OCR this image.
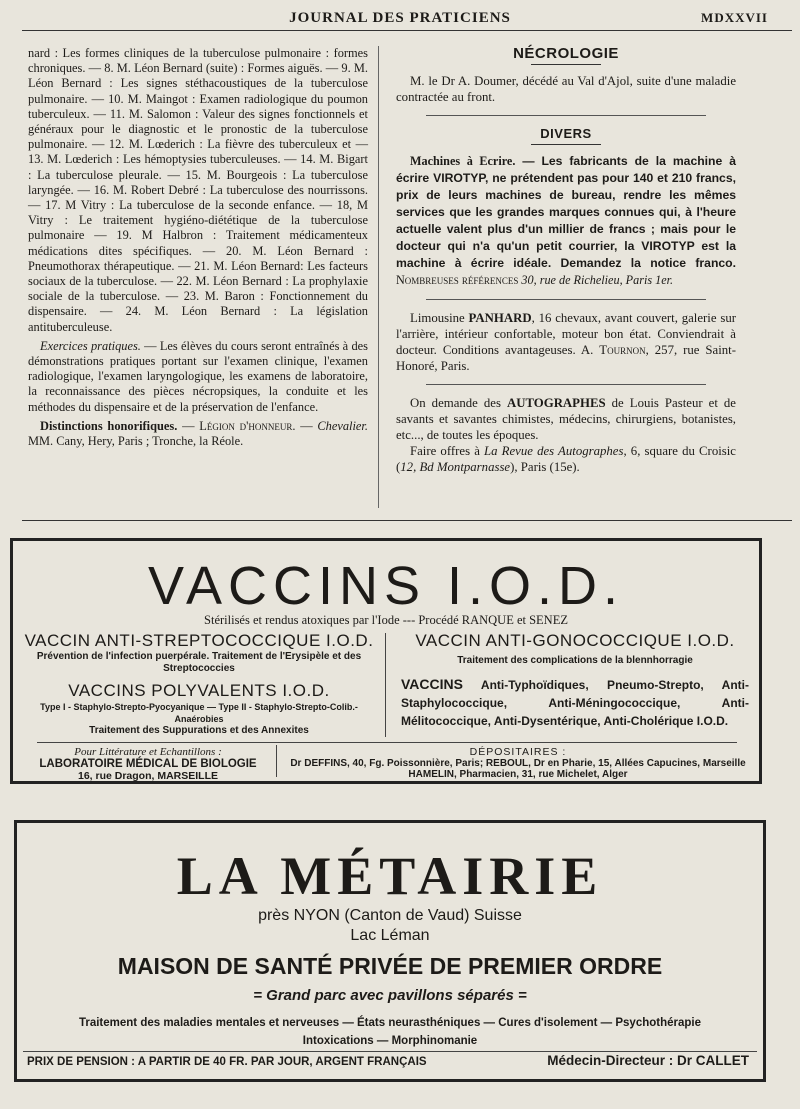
JOURNAL DES PRATICIENS	MDXXVII

nard : Les formes cliniques de la tuberculose pulmonaire : formes chroniques. — 8. M. Léon Bernard (suite) : Formes aiguës. — 9. M. Léon Bernard : Les signes stéthacoustiques de la tuberculose pulmonaire. — 10. M. Maingot : Examen radiologique du poumon tuberculeux. — 11. M. Salomon : Valeur des signes fonctionnels et généraux pour le diagnostic et le pronostic de la tuberculose pulmonaire. — 12. M. Lœderich : La fièvre des tuberculeux et — 13. M. Lœderich : Les hémoptysies tuberculeuses. — 14. M. Bigart : La tuberculose pleurale. — 15. M. Bourgeois : La tuberculose laryngée. — 16. M. Robert Debré : La tuberculose des nourrissons. — 17. M Vitry : La tuberculose de la seconde enfance. — 18, M Vitry : Le traitement hygiéno-diététique de la tuberculose pulmonaire — 19. M Halbron : Traitement médicamenteux médications dites spécifiques. — 20. M. Léon Bernard : Pneumothorax thérapeutique. — 21. M. Léon Bernard: Les facteurs sociaux de la tuberculose. — 22. M. Léon Bernard : La prophylaxie sociale de la tuberculose. — 23. M. Baron : Fonctionnement du dispensaire. — 24. M. Léon Bernard : La législation antituberculeuse.

Exercices pratiques. — Les élèves du cours seront entraînés à des démonstrations pratiques portant sur l'examen clinique, l'examen radiologique, l'examen laryngologique, les examens de laboratoire, la reconnaissance des pièces nécropsiques, la conduite et les méthodes du dispensaire et de la préservation de l'enfance.

Distinctions honorifiques. — Légion d'honneur. — Chevalier. MM. Cany, Hery, Paris ; Tronche, la Réole.

NÉCROLOGIE

M. le Dr A. Doumer, décédé au Val d'Ajol, suite d'une maladie contractée au front.

DIVERS

Machines à Ecrire. — Les fabricants de la machine à écrire VIROTYP, ne prétendent pas pour 140 et 210 francs, prix de leurs machines de bureau, rendre les mêmes services que les grandes marques connues qui, à l'heure actuelle valent plus d'un millier de francs ; mais pour le docteur qui n'a qu'un petit courrier, la VIROTYP est la machine à écrire idéale. Demandez la notice franco. Nombreuses références 30, rue de Richelieu, Paris 1er.

Limousine PANHARD, 16 chevaux, avant couvert, galerie sur l'arrière, intérieur confortable, moteur bon état. Conviendrait à docteur. Conditions avantageuses. A. Tournon, 257, rue Saint-Honoré, Paris.

On demande des AUTOGRAPHES de Louis Pasteur et de savants et savantes chimistes, médecins, chirurgiens, botanistes, etc..., de toutes les époques.

Faire offres à La Revue des Autographes, 6, square du Croisic (12, Bd Montparnasse), Paris (15e).

VACCINS I.O.D.
Stérilisés et rendus atoxiques par l'Iode --- Procédé RANQUE et SENEZ
VACCIN ANTI-STREPTOCOCCIQUE I.O.D.
Prévention de l'infection puerpérale. Traitement de l'Erysipèle et des Streptococcies
VACCINS POLYVALENTS I.O.D.
Type I - Staphylo-Strepto-Pyocyanique — Type II - Staphylo-Strepto-Colib.-Anaérobies
Traitement des Suppurations et des Annexites
VACCIN ANTI-GONOCOCCIQUE I.O.D.
Traitement des complications de la blennhorragie
VACCINS Anti-Typhoïdiques, Pneumo-Strepto, Anti-Staphylococcique, Anti-Méningococcique, Anti-Mélitococcique, Anti-Dysentérique, Anti-Cholérique I.O.D.
Pour Littérature et Echantillons :
LABORATOIRE MÉDICAL DE BIOLOGIE
16, rue Dragon, MARSEILLE
DÉPOSITAIRES :
Dr DEFFINS, 40, Fg. Poissonnière, Paris; REBOUL, Dr en Pharie, 15, Allées Capucines, Marseille
HAMELIN, Pharmacien, 31, rue Michelet, Alger
LA MÉTAIRIE
près NYON (Canton de Vaud) Suisse
Lac Léman
MAISON DE SANTÉ PRIVÉE DE PREMIER ORDRE
= Grand parc avec pavillons séparés =
Traitement des maladies mentales et nerveuses — États neurasthéniques — Cures d'isolement — Psychothérapie
Intoxications — Morphinomanie
PRIX DE PENSION : A PARTIR DE 40 FR. PAR JOUR, ARGENT FRANÇAIS	Médecin-Directeur : Dr CALLET
